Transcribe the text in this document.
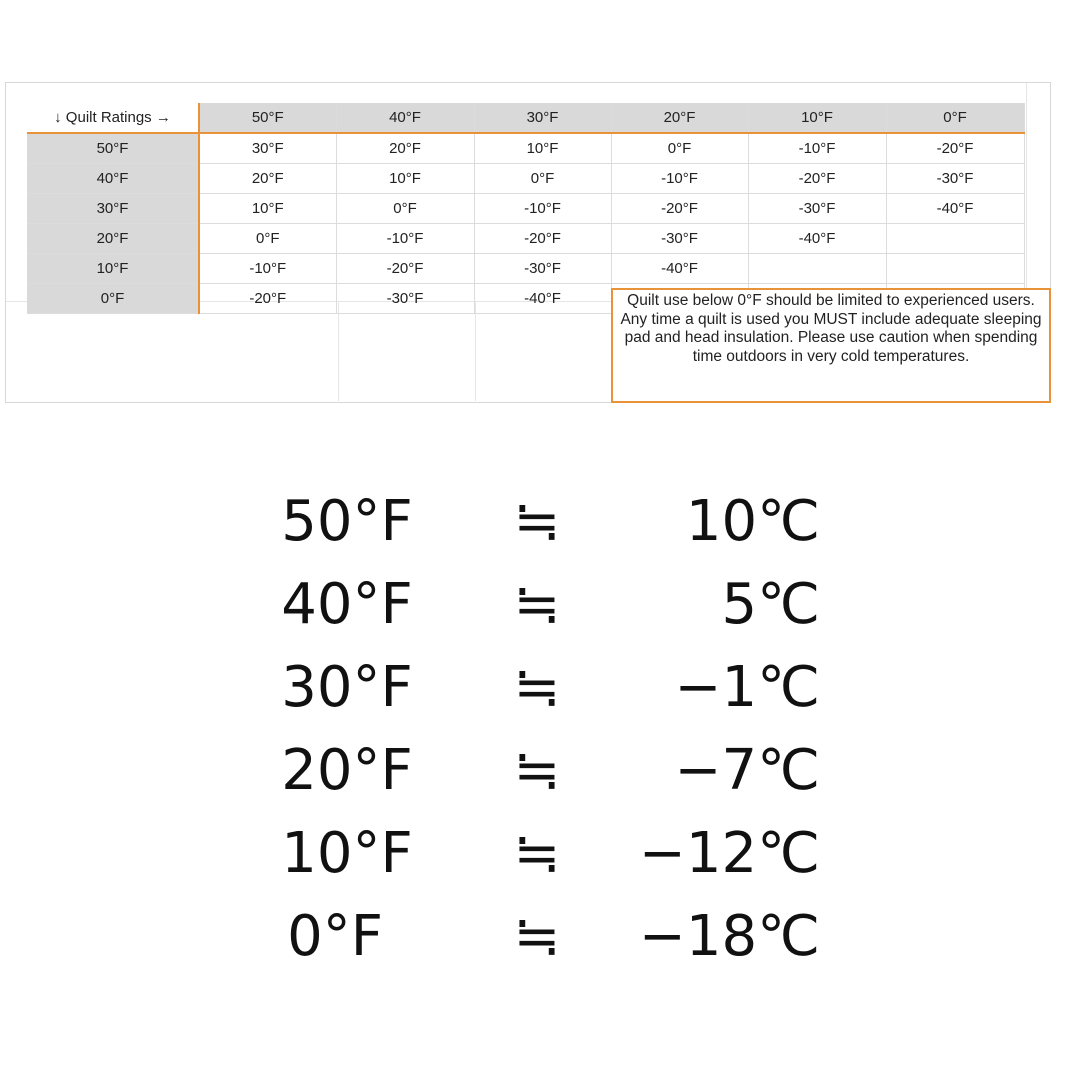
↓ Quilt Ratings →	50°F	40°F	30°F	20°F	10°F	0°F
50°F	30°F	20°F	10°F	0°F	-10°F	-20°F
40°F	20°F	10°F	0°F	-10°F	-20°F	-30°F
30°F	10°F	0°F	-10°F	-20°F	-30°F	-40°F
20°F	0°F	-10°F	-20°F	-30°F	-40°F	
10°F	-10°F	-20°F	-30°F	-40°F		
0°F	-20°F	-30°F	-40°F				Quilt use below 0°F should be limited to experienced users. Any time a quilt is used you MUST include adequate sleeping pad and head insulation. Please use caution when spending time outdoors in very cold temperatures.
50°F ≒	10℃
40°F ≒	5℃
30°F ≒	−1℃
20°F ≒	−7℃
10°F ≒	−12℃
0°F ≒	−18℃
